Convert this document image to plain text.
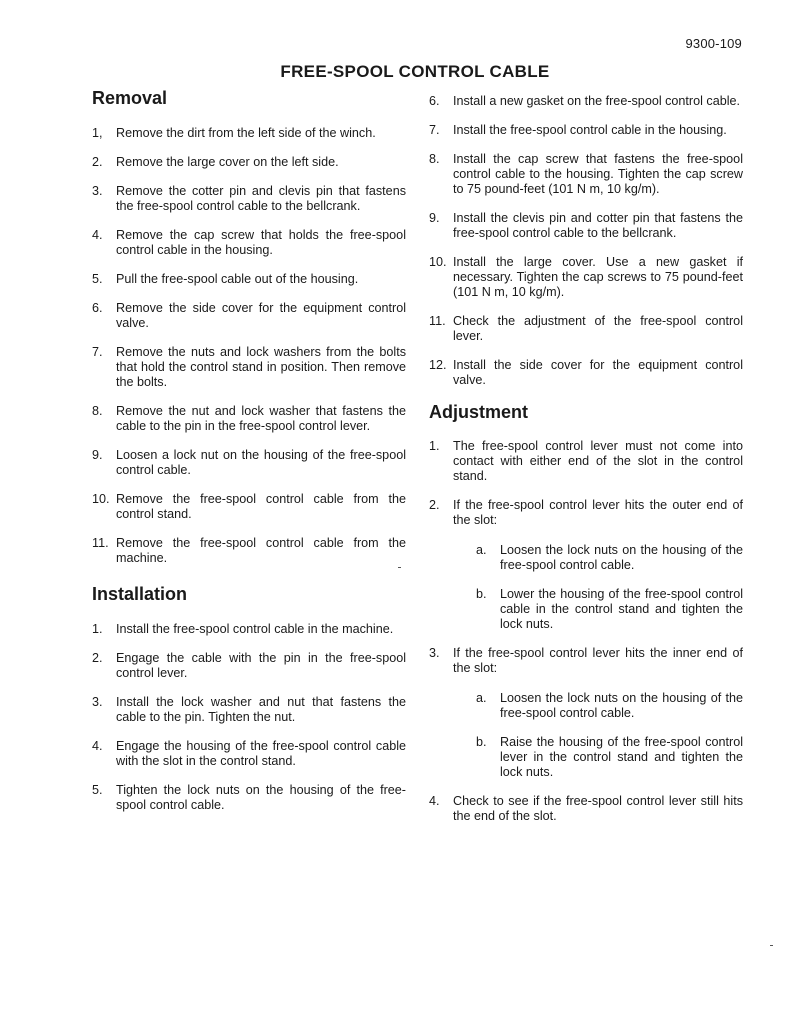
9300-109
FREE-SPOOL CONTROL CABLE
Removal
1,	Remove the dirt from the left side of the winch.
2.	Remove the large cover on the left side.
3.	Remove the cotter pin and clevis pin that fastens the free-spool control cable to the bellcrank.
4.	Remove the cap screw that holds the free-spool control cable in the housing.
5.	Pull the free-spool cable out of the housing.
6.	Remove the side cover for the equipment control valve.
7.	Remove the nuts and lock washers from the bolts that hold the control stand in position. Then remove the bolts.
8.	Remove the nut and lock washer that fastens the cable to the pin in the free-spool control lever.
9.	Loosen a lock nut on the housing of the free-spool control cable.
10. Remove the free-spool control cable from the control stand.
11. Remove the free-spool control cable from the machine.
Installation
1.	Install the free-spool control cable in the machine.
2.	Engage the cable with the pin in the free-spool control lever.
3.	Install the lock washer and nut that fastens the cable to the pin. Tighten the nut.
4.	Engage the housing of the free-spool control cable with the slot in the control stand.
5.	Tighten the lock nuts on the housing of the free-spool control cable.
6.	Install a new gasket on the free-spool control cable.
7.	Install the free-spool control cable in the housing.
8.	Install the cap screw that fastens the free-spool control cable to the housing. Tighten the cap screw to 75 pound-feet (101 N m, 10 kg/m).
9.	Install the clevis pin and cotter pin that fastens the free-spool control cable to the bellcrank.
10. Install the large cover. Use a new gasket if necessary. Tighten the cap screws to 75 pound-feet (101 N m, 10 kg/m).
11. Check the adjustment of the free-spool control lever.
12. Install the side cover for the equipment control valve.
Adjustment
1.	The free-spool control lever must not come into contact with either end of the slot in the control stand.
2.	If the free-spool control lever hits the outer end of the slot:
a.	Loosen the lock nuts on the housing of the free-spool control cable.
b.	Lower the housing of the free-spool control cable in the control stand and tighten the lock nuts.
3.	If the free-spool control lever hits the inner end of the slot:
a.	Loosen the lock nuts on the housing of the free-spool control cable.
b.	Raise the housing of the free-spool control lever in the control stand and tighten the lock nuts.
4.	Check to see if the free-spool control lever still hits the end of the slot.
